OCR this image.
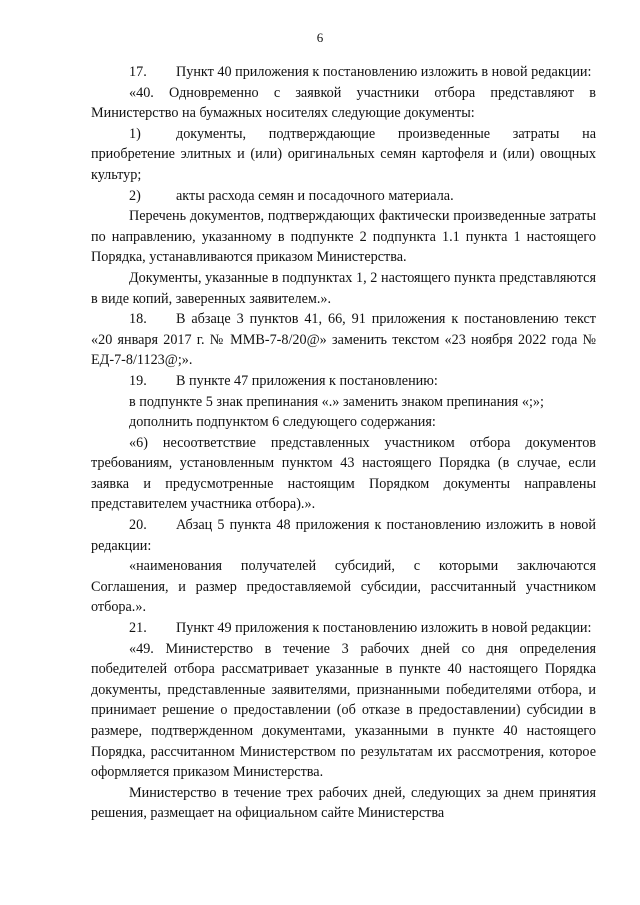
6

17. Пункт 40 приложения к постановлению изложить в новой редакции:

«40. Одновременно с заявкой участники отбора представляют в Министерство на бумажных носителях следующие документы:

1) документы, подтверждающие произведенные затраты на приобретение элитных и (или) оригинальных семян картофеля и (или) овощных культур;

2) акты расхода семян и посадочного материала.

Перечень документов, подтверждающих фактически произведенные затраты по направлению, указанному в подпункте 2 подпункта 1.1 пункта 1 настоящего Порядка, устанавливаются приказом Министерства.

Документы, указанные в подпунктах 1, 2 настоящего пункта представляются в виде копий, заверенных заявителем.».

18. В абзаце 3 пунктов 41, 66, 91 приложения к постановлению текст «20 января 2017 г. № ММВ-7-8/20@» заменить текстом «23 ноября 2022 года № ЕД-7-8/1123@;».

19. В пункте 47 приложения к постановлению:

в подпункте 5 знак препинания «.» заменить знаком препинания «;»;

дополнить подпунктом 6 следующего содержания:

«6) несоответствие представленных участником отбора документов требованиям, установленным пунктом 43 настоящего Порядка (в случае, если заявка и предусмотренные настоящим Порядком документы направлены представителем участника отбора).».

20. Абзац 5 пункта 48 приложения к постановлению изложить в новой редакции:

«наименования получателей субсидий, с которыми заключаются Соглашения, и размер предоставляемой субсидии, рассчитанный участником отбора.».

21. Пункт 49 приложения к постановлению изложить в новой редакции:

«49. Министерство в течение 3 рабочих дней со дня определения победителей отбора рассматривает указанные в пункте 40 настоящего Порядка документы, представленные заявителями, признанными победителями отбора, и принимает решение о предоставлении (об отказе в предоставлении) субсидии в размере, подтвержденном документами, указанными в пункте 40 настоящего Порядка, рассчитанном Министерством по результатам их рассмотрения, которое оформляется приказом Министерства.

Министерство в течение трех рабочих дней, следующих за днем принятия решения, размещает на официальном сайте Министерства
